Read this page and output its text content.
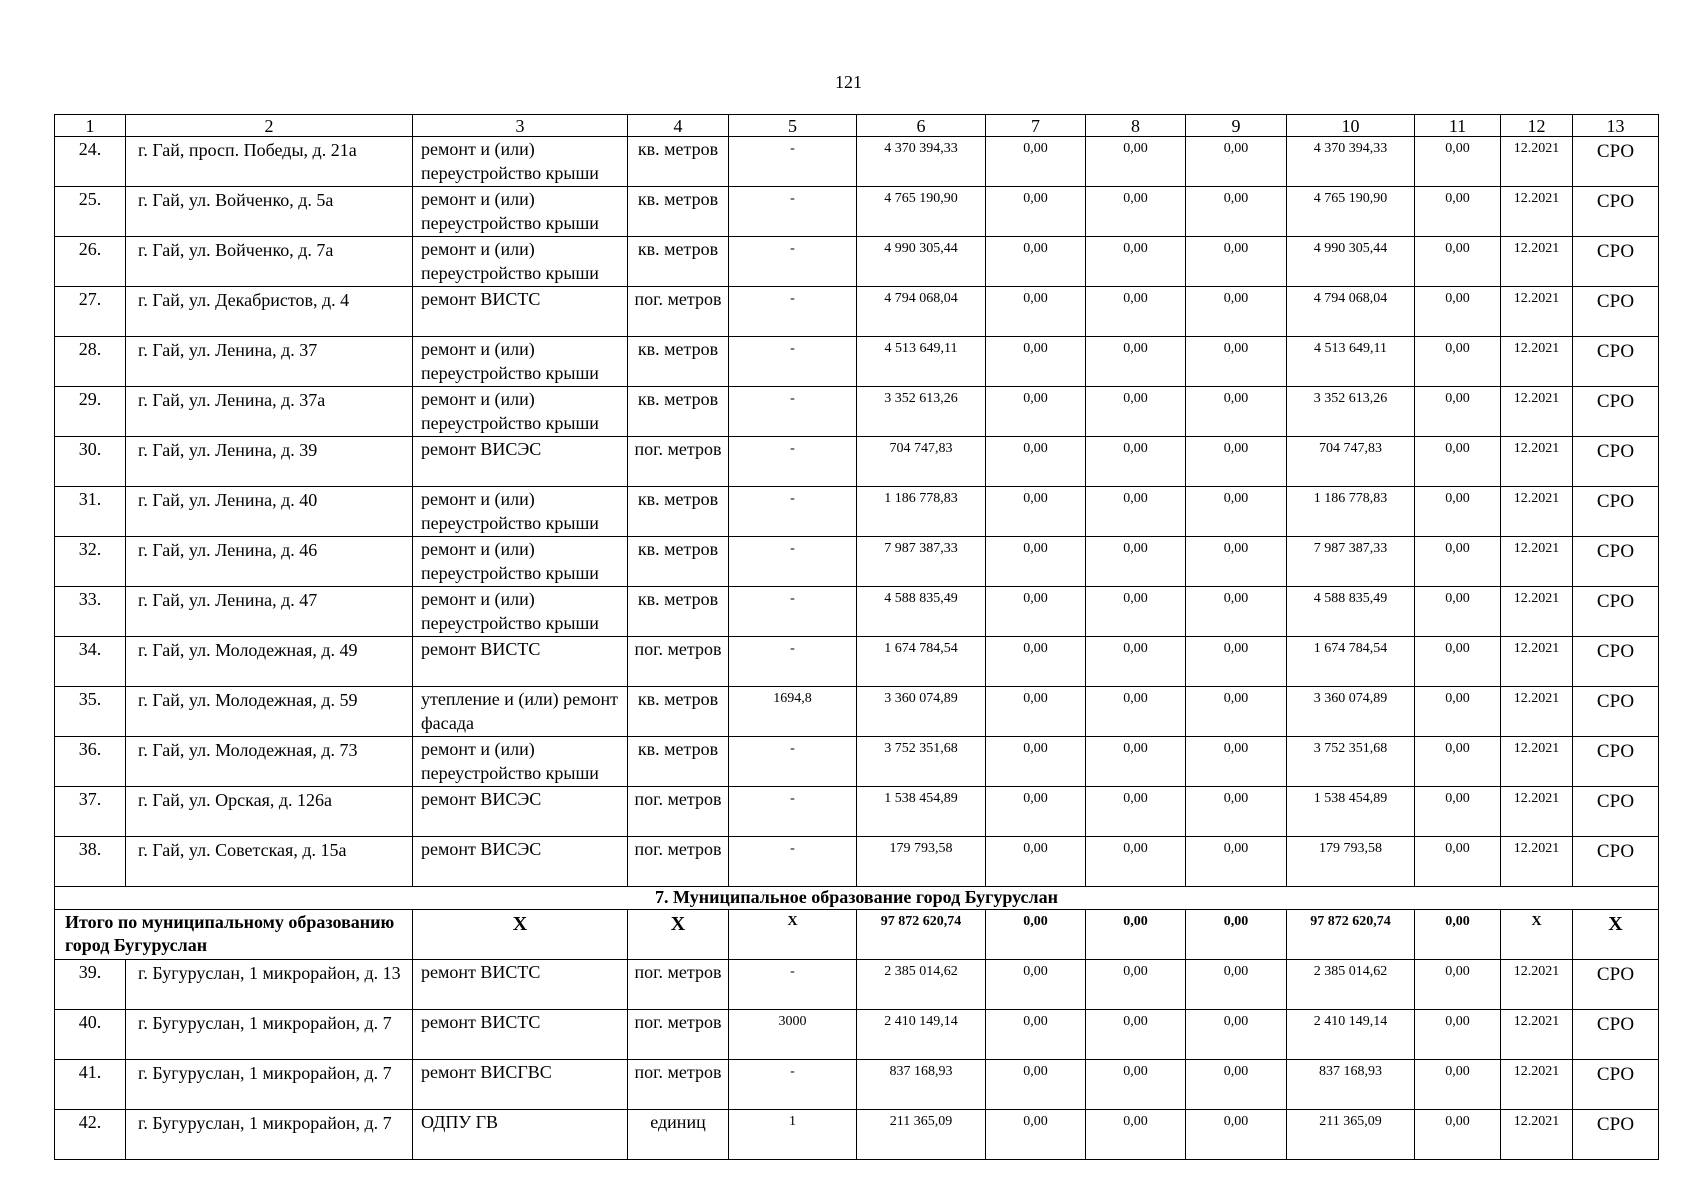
121
1	2	3	4	5	6	7	8	9	10	11	12	13
24.	г. Гай, просп. Победы, д. 21а	ремонт и (или) переустройство крыши	кв. метров	-	4 370 394,33	0,00	0,00	0,00	4 370 394,33	0,00	12.2021	СРО
25.	г. Гай, ул. Войченко, д. 5а	ремонт и (или) переустройство крыши	кв. метров	-	4 765 190,90	0,00	0,00	0,00	4 765 190,90	0,00	12.2021	СРО
26.	г. Гай, ул. Войченко, д. 7а	ремонт и (или) переустройство крыши	кв. метров	-	4 990 305,44	0,00	0,00	0,00	4 990 305,44	0,00	12.2021	СРО
27.	г. Гай, ул. Декабристов, д. 4	ремонт ВИСТС	пог. метров	-	4 794 068,04	0,00	0,00	0,00	4 794 068,04	0,00	12.2021	СРО
28.	г. Гай, ул. Ленина, д. 37	ремонт и (или) переустройство крыши	кв. метров	-	4 513 649,11	0,00	0,00	0,00	4 513 649,11	0,00	12.2021	СРО
29.	г. Гай, ул. Ленина, д. 37а	ремонт и (или) переустройство крыши	кв. метров	-	3 352 613,26	0,00	0,00	0,00	3 352 613,26	0,00	12.2021	СРО
30.	г. Гай, ул. Ленина, д. 39	ремонт ВИСЭС	пог. метров	-	704 747,83	0,00	0,00	0,00	704 747,83	0,00	12.2021	СРО
31.	г. Гай, ул. Ленина, д. 40	ремонт и (или) переустройство крыши	кв. метров	-	1 186 778,83	0,00	0,00	0,00	1 186 778,83	0,00	12.2021	СРО
32.	г. Гай, ул. Ленина, д. 46	ремонт и (или) переустройство крыши	кв. метров	-	7 987 387,33	0,00	0,00	0,00	7 987 387,33	0,00	12.2021	СРО
33.	г. Гай, ул. Ленина, д. 47	ремонт и (или) переустройство крыши	кв. метров	-	4 588 835,49	0,00	0,00	0,00	4 588 835,49	0,00	12.2021	СРО
34.	г. Гай, ул. Молодежная, д. 49	ремонт ВИСТС	пог. метров	-	1 674 784,54	0,00	0,00	0,00	1 674 784,54	0,00	12.2021	СРО
35.	г. Гай, ул. Молодежная, д. 59	утепление и (или) ремонт фасада	кв. метров	1694,8	3 360 074,89	0,00	0,00	0,00	3 360 074,89	0,00	12.2021	СРО
36.	г. Гай, ул. Молодежная, д. 73	ремонт и (или) переустройство крыши	кв. метров	-	3 752 351,68	0,00	0,00	0,00	3 752 351,68	0,00	12.2021	СРО
37.	г. Гай, ул. Орская, д. 126а	ремонт ВИСЭС	пог. метров	-	1 538 454,89	0,00	0,00	0,00	1 538 454,89	0,00	12.2021	СРО
38.	г. Гай, ул. Советская, д. 15а	ремонт ВИСЭС	пог. метров	-	179 793,58	0,00	0,00	0,00	179 793,58	0,00	12.2021	СРО
7. Муниципальное образование город Бугуруслан												
Итого по муниципальному образованию город Бугуруслан		X	X	X	97 872 620,74	0,00	0,00	0,00	97 872 620,74	0,00	X	X
39.	г. Бугуруслан, 1 микрорайон, д. 13	ремонт ВИСТС	пог. метров	-	2 385 014,62	0,00	0,00	0,00	2 385 014,62	0,00	12.2021	СРО
40.	г. Бугуруслан, 1 микрорайон, д. 7	ремонт ВИСТС	пог. метров	3000	2 410 149,14	0,00	0,00	0,00	2 410 149,14	0,00	12.2021	СРО
41.	г. Бугуруслан, 1 микрорайон, д. 7	ремонт ВИСГВС	пог. метров	-	837 168,93	0,00	0,00	0,00	837 168,93	0,00	12.2021	СРО
42.	г. Бугуруслан, 1 микрорайон, д. 7	ОДПУ ГВ	единиц	1	211 365,09	0,00	0,00	0,00	211 365,09	0,00	12.2021	СРО
